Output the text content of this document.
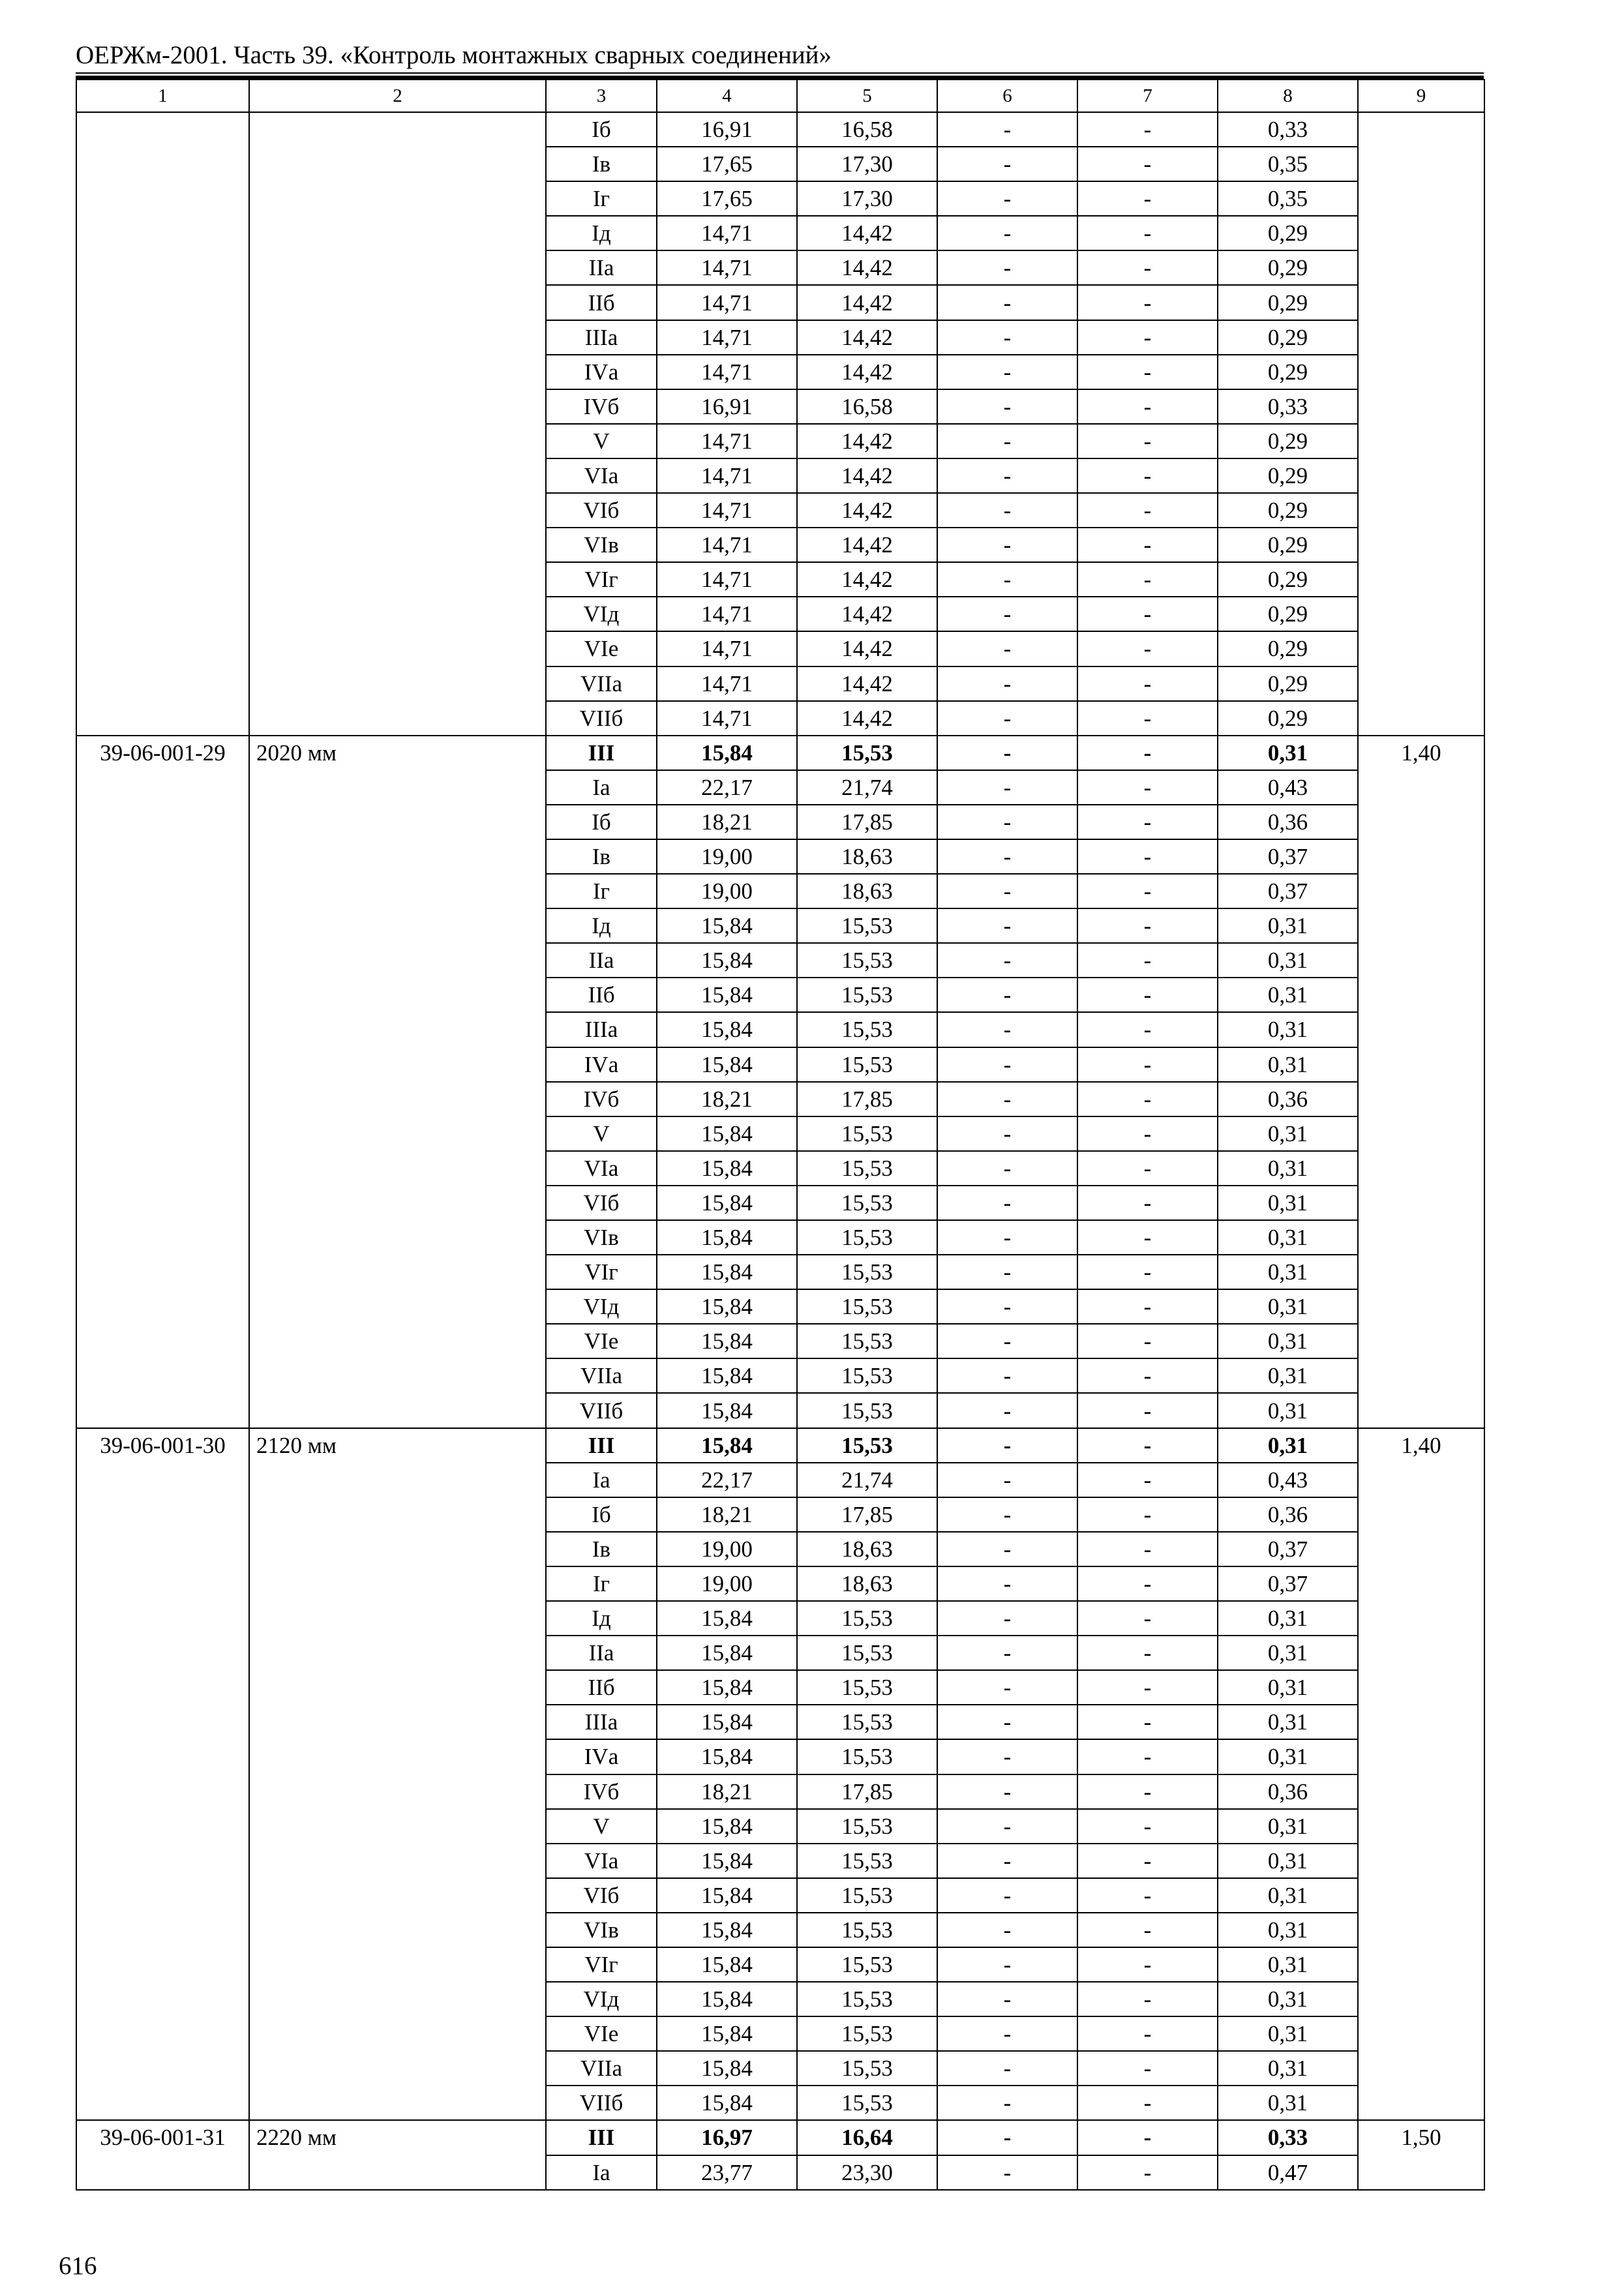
ОЕРЖм-2001. Часть 39. «Контроль монтажных сварных соединений»
1	2	3	4	5	6	7	8	9
		Iб	16,91	16,58	-	-	0,33	
		Iв	17,65	17,30	-	-	0,35	
		Iг	17,65	17,30	-	-	0,35	
		Iд	14,71	14,42	-	-	0,29	
		IIа	14,71	14,42	-	-	0,29	
		IIб	14,71	14,42	-	-	0,29	
		IIIа	14,71	14,42	-	-	0,29	
		IVа	14,71	14,42	-	-	0,29	
		IVб	16,91	16,58	-	-	0,33	
		V	14,71	14,42	-	-	0,29	
		VIа	14,71	14,42	-	-	0,29	
		VIб	14,71	14,42	-	-	0,29	
		VIв	14,71	14,42	-	-	0,29	
		VIг	14,71	14,42	-	-	0,29	
		VIд	14,71	14,42	-	-	0,29	
		VIе	14,71	14,42	-	-	0,29	
		VIIа	14,71	14,42	-	-	0,29	
		VIIб	14,71	14,42	-	-	0,29	
39-06-001-29	2020 мм	III	15,84	15,53	-	-	0,31	1,40
		Iа	22,17	21,74	-	-	0,43	
		Iб	18,21	17,85	-	-	0,36	
		Iв	19,00	18,63	-	-	0,37	
		Iг	19,00	18,63	-	-	0,37	
		Iд	15,84	15,53	-	-	0,31	
		IIа	15,84	15,53	-	-	0,31	
		IIб	15,84	15,53	-	-	0,31	
		IIIа	15,84	15,53	-	-	0,31	
		IVа	15,84	15,53	-	-	0,31	
		IVб	18,21	17,85	-	-	0,36	
		V	15,84	15,53	-	-	0,31	
		VIа	15,84	15,53	-	-	0,31	
		VIб	15,84	15,53	-	-	0,31	
		VIв	15,84	15,53	-	-	0,31	
		VIг	15,84	15,53	-	-	0,31	
		VIд	15,84	15,53	-	-	0,31	
		VIе	15,84	15,53	-	-	0,31	
		VIIа	15,84	15,53	-	-	0,31	
		VIIб	15,84	15,53	-	-	0,31	
39-06-001-30	2120 мм	III	15,84	15,53	-	-	0,31	1,40
		Iа	22,17	21,74	-	-	0,43	
		Iб	18,21	17,85	-	-	0,36	
		Iв	19,00	18,63	-	-	0,37	
		Iг	19,00	18,63	-	-	0,37	
		Iд	15,84	15,53	-	-	0,31	
		IIа	15,84	15,53	-	-	0,31	
		IIб	15,84	15,53	-	-	0,31	
		IIIа	15,84	15,53	-	-	0,31	
		IVа	15,84	15,53	-	-	0,31	
		IVб	18,21	17,85	-	-	0,36	
		V	15,84	15,53	-	-	0,31	
		VIа	15,84	15,53	-	-	0,31	
		VIб	15,84	15,53	-	-	0,31	
		VIв	15,84	15,53	-	-	0,31	
		VIг	15,84	15,53	-	-	0,31	
		VIд	15,84	15,53	-	-	0,31	
		VIе	15,84	15,53	-	-	0,31	
		VIIа	15,84	15,53	-	-	0,31	
		VIIб	15,84	15,53	-	-	0,31	
39-06-001-31	2220 мм	III	16,97	16,64	-	-	0,33	1,50
		Iа	23,77	23,30	-	-	0,47	
616
